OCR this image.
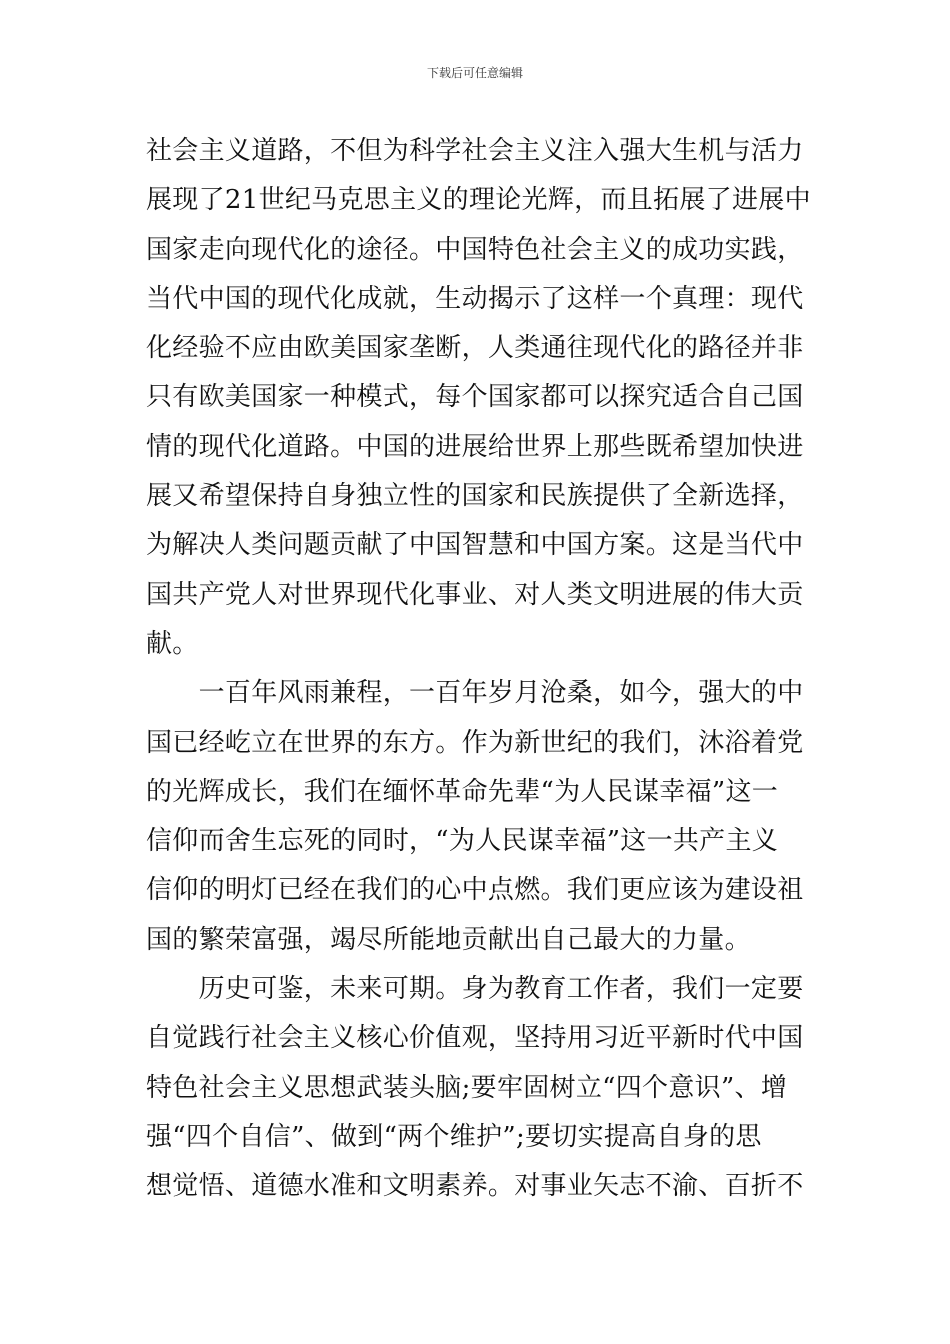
下载后可任意编辑
社会主义道路，不但为科学社会主义注入强大生机与活力
展现了21世纪马克思主义的理论光辉，而且拓展了进展中
国家走向现代化的途径。中国特色社会主义的成功实践，
当代中国的现代化成就，生动揭示了这样一个真理：现代
化经验不应由欧美国家垄断，人类通往现代化的路径并非
只有欧美国家一种模式，每个国家都可以探究适合自己国
情的现代化道路。中国的进展给世界上那些既希望加快进
展又希望保持自身独立性的国家和民族提供了全新选择，
为解决人类问题贡献了中国智慧和中国方案。这是当代中
国共产党人对世界现代化事业、对人类文明进展的伟大贡
献。
　　一百年风雨兼程，一百年岁月沧桑，如今，强大的中
国已经屹立在世界的东方。作为新世纪的我们，沐浴着党
的光辉成长，我们在缅怀革命先辈“为人民谋幸福”这一
信仰而舍生忘死的同时，“为人民谋幸福”这一共产主义
信仰的明灯已经在我们的心中点燃。我们更应该为建设祖
国的繁荣富强，竭尽所能地贡献出自己最大的力量。
　　历史可鉴，未来可期。身为教育工作者，我们一定要
自觉践行社会主义核心价值观，坚持用习近平新时代中国
特色社会主义思想武装头脑;要牢固树立“四个意识”、增
强“四个自信”、做到“两个维护”;要切实提高自身的思
想觉悟、道德水准和文明素养。对事业矢志不渝、百折不
